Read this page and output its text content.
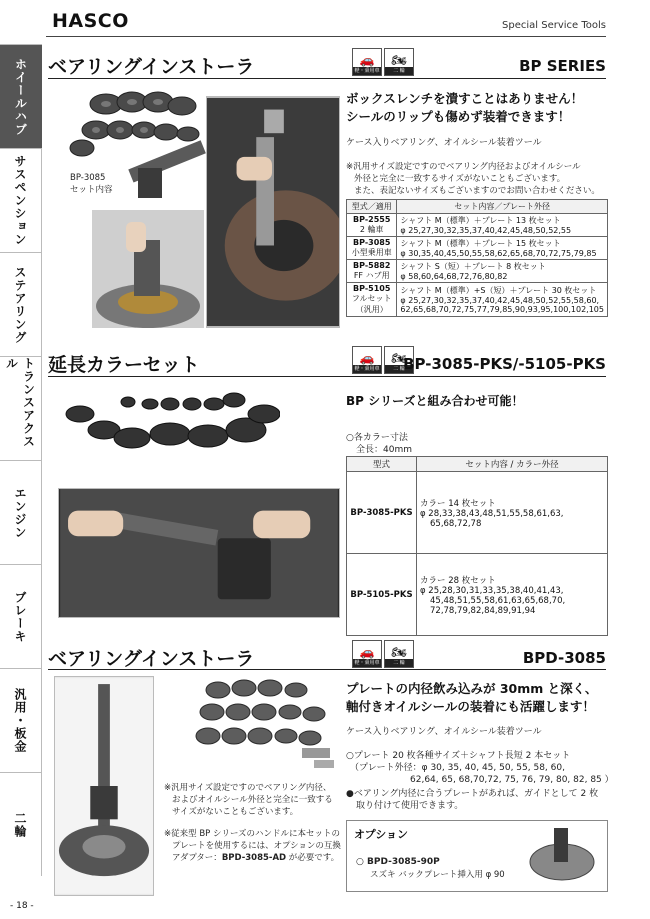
HASCO	Special Service Tools
ホイールハブ
サスペンション
ステアリング
トランスアクスル
エンジン
ブレーキ
汎用・板金
二輪
ベアリングインストーラ	🚗
軽・乗用車
🏍
二 輪	BP SERIES
BP-3085
セット内容
ボックスレンチを潰すことはありません！
シールのリップも傷めず装着できます！
ケース入りベアリング、オイルシール装着ツール
※汎用サイズ設定ですのでベアリング内径およびオイルシール
外径と完全に一致するサイズがないこともございます。
また、表記ないサイズもございますのでお問い合わせください。
型式／適用	セット内容／プレート外径
BP-2555
2 輪車	シャフト M（標準）＋プレート 13 枚セット
φ 25,27,30,32,35,37,40,42,45,48,50,52,55
BP-3085
小型乗用車	シャフト M（標準）＋プレート 15 枚セット
φ 30,35,40,45,50,55,58,62,65,68,70,72,75,79,85
BP-5882
FF ハブ用	シャフト S（短）＋プレート 8 枚セット
φ 58,60,64,68,72,76,80,82
BP-5105
フルセット（汎用）	シャフト M（標準）+S（短）＋プレート 30 枚セット
φ 25,27,30,32,35,37,40,42,45,48,50,52,55,58,60, 62,65,68,70,72,75,77,79,85,90,93,95,100,102,105
延長カラーセット	🚗
軽・乗用車
🏍
二 輪
BP-3085-PKS/-5105-PKS
BP シリーズと組み合わせ可能！
○各カラー寸法
全長：40mm
型式	セット内容 / カラー外径
BP-3085-PKS	カラー 14 枚セット
φ 28,33,38,43,48,51,55,58,61,63,
65,68,72,78
BP-5105-PKS	カラー 28 枚セット
φ 25,28,30,31,33,35,38,40,41,43,
45,48,51,55,58,61,63,65,68,70, 72,78,79,82,84,89,91,94
ベアリングインストーラ	🚗
軽・乗用車
🏍
二 輪	BPD-3085
※汎用サイズ設定ですのでベアリング内径、
およびオイルシール外径と完全に一致する
サイズがないこともございます。
※従来型 BP シリーズのハンドルに本セットの
プレートを使用するには、オプションの互換
アダプター：BPD-3085-AD が必要です。
プレートの内径飲み込みが 30mm と深く、
軸付きオイルシールの装着にも活躍します！
ケース入りベアリング、オイルシール装着ツール
○プレート 20 枚各種サイズ＋シャフト長短 2 本セット
（プレート外径：φ 30, 35, 40, 45, 50, 55, 58, 60,
62,64, 65, 68,70,72, 75, 76, 79, 80, 82, 85 ）
●ベアリング内径に合うプレートがあれば、ガイドとして 2 枚
取り付けて使用できます。
オプション
○ BPD-3085-90P
スズキ バックプレート挿入用 φ 90
- 18 -
